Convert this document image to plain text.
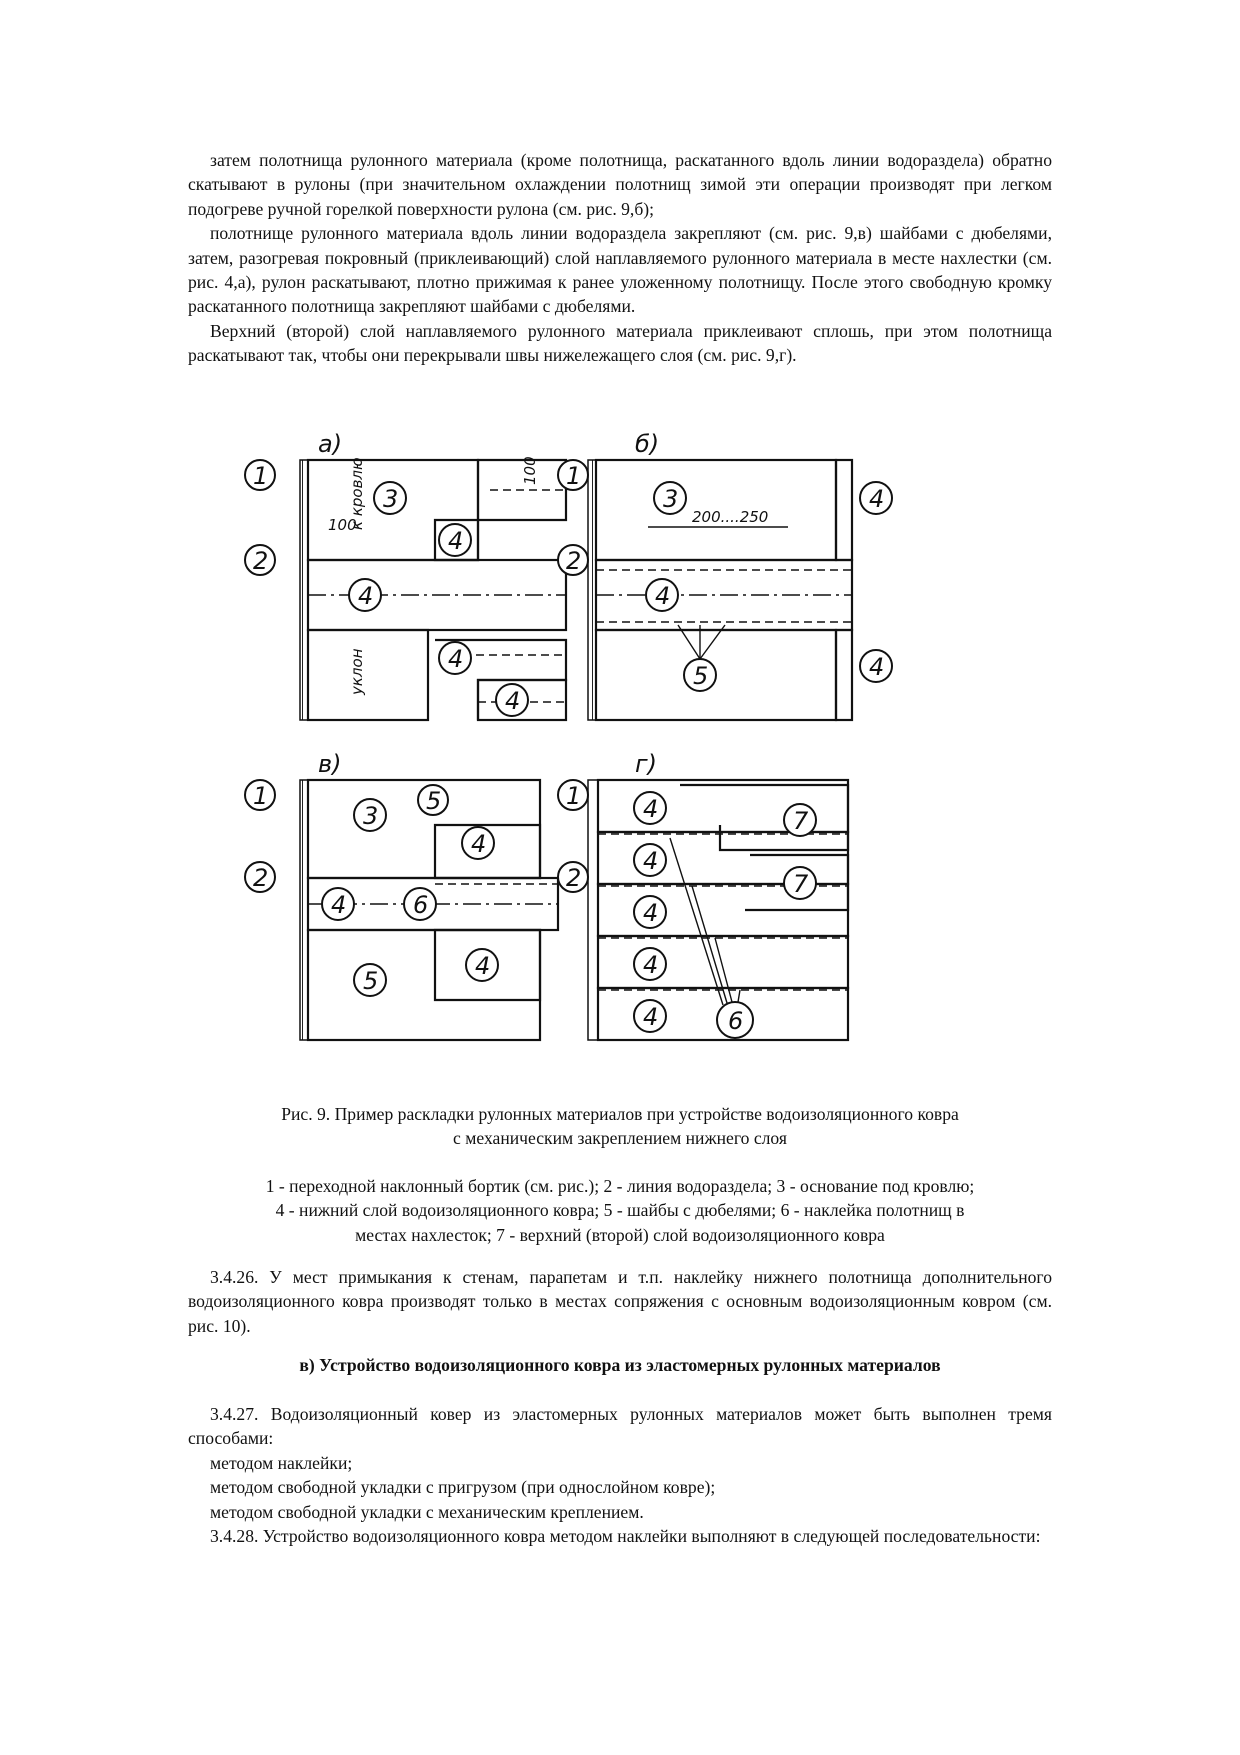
затем полотнища рулонного материала (кроме полотнища, раскатанного вдоль линии водораздела) обратно скатывают в рулоны (при значительном охлаждении полотнищ зимой эти операции производят при легком подогреве ручной горелкой поверхности рулона (см. рис. 9,б);

полотнище рулонного материала вдоль линии водораздела закрепляют (см. рис. 9,в) шайбами с дюбелями, затем, разогревая покровный (приклеивающий) слой наплавляемого рулонного материала в месте нахлестки (см. рис. 4,а), рулон раскатывают, плотно прижимая к ранее уложенному полотнищу. После этого свободную кромку раскатанного полотнища закрепляют шайбами с дюбелями.

Верхний (второй) слой наплавляемого рулонного материала приклеивают сплошь, при этом полотнища раскатывают так, чтобы они перекрывали швы нижележащего слоя (см. рис. 9,г).

а)
100
100
к кровлю
уклон
1
2
3
4
4
4
4
б)
200....250
1
2
3
4
4
4
5
в)
1
2
3
4
4
4
5
5
6
г)
1
2
4
4
4
4
4
7
7
6
Рис. 9. Пример раскладки рулонных материалов при устройстве водоизоляционного ковра
с механическим закреплением нижнего слоя
1 - переходной наклонный бортик (см. рис.); 2 - линия водораздела; 3 - основание под кровлю;
4 - нижний слой водоизоляционного ковра; 5 - шайбы с дюбелями; 6 - наклейка полотнищ в
местах нахлесток; 7 - верхний (второй) слой водоизоляционного ковра

3.4.26. У мест примыкания к стенам, парапетам и т.п. наклейку нижнего полотнища дополнительного водоизоляционного ковра производят только в местах сопряжения с основным водоизоляционным ковром (см. рис. 10).

в) Устройство водоизоляционного ковра из эластомерных рулонных материалов

3.4.27. Водоизоляционный ковер из эластомерных рулонных материалов может быть выполнен тремя способами:

методом наклейки;

методом свободной укладки с пригрузом (при однослойном ковре);

методом свободной укладки с механическим креплением.

3.4.28. Устройство водоизоляционного ковра методом наклейки выполняют в следующей последовательности:
